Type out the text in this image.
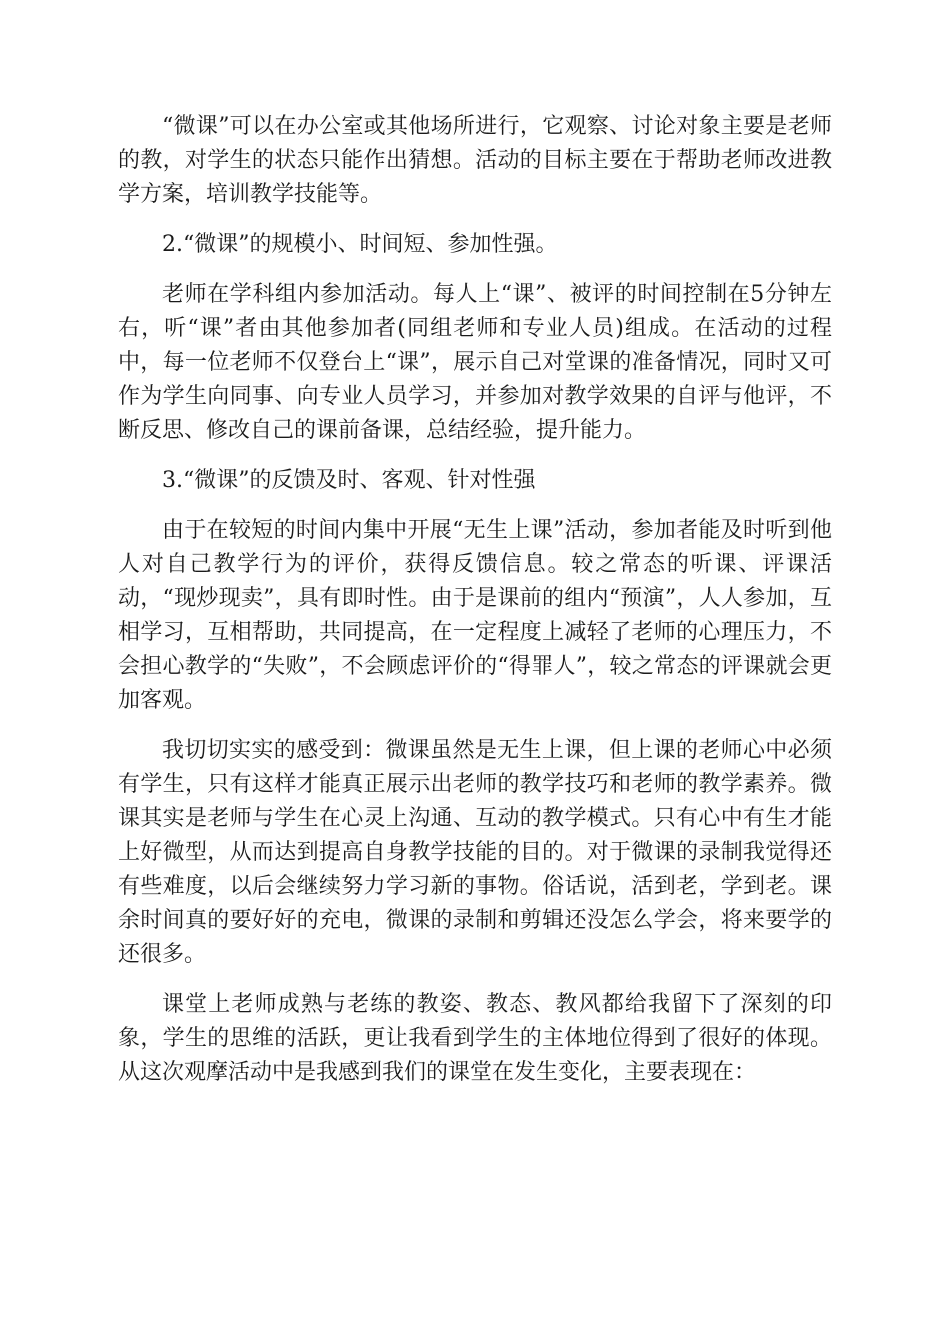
“微课”可以在办公室或其他场所进行，它观察、讨论对象主要是老师的教，对学生的状态只能作出猜想。活动的目标主要在于帮助老师改进教学方案，培训教学技能等。

2.“微课”的规模小、时间短、参加性强。

老师在学科组内参加活动。每人上“课”、被评的时间控制在5分钟左右，听“课”者由其他参加者(同组老师和专业人员)组成。在活动的过程中，每一位老师不仅登台上“课”，展示自己对堂课的准备情况，同时又可作为学生向同事、向专业人员学习，并参加对教学效果的自评与他评，不断反思、修改自己的课前备课，总结经验，提升能力。

3.“微课”的反馈及时、客观、针对性强

由于在较短的时间内集中开展“无生上课”活动，参加者能及时听到他人对自己教学行为的评价，获得反馈信息。较之常态的听课、评课活动，“现炒现卖”，具有即时性。由于是课前的组内“预演”，人人参加，互相学习，互相帮助，共同提高，在一定程度上减轻了老师的心理压力，不会担心教学的“失败”，不会顾虑评价的“得罪人”，较之常态的评课就会更加客观。

我切切实实的感受到：微课虽然是无生上课，但上课的老师心中必须有学生，只有这样才能真正展示出老师的教学技巧和老师的教学素养。微课其实是老师与学生在心灵上沟通、互动的教学模式。只有心中有生才能上好微型，从而达到提高自身教学技能的目的。对于微课的录制我觉得还有些难度，以后会继续努力学习新的事物。俗话说，活到老，学到老。课余时间真的要好好的充电，微课的录制和剪辑还没怎么学会，将来要学的还很多。

课堂上老师成熟与老练的教姿、教态、教风都给我留下了深刻的印象，学生的思维的活跃，更让我看到学生的主体地位得到了很好的体现。从这次观摩活动中是我感到我们的课堂在发生变化，主要表现在：
